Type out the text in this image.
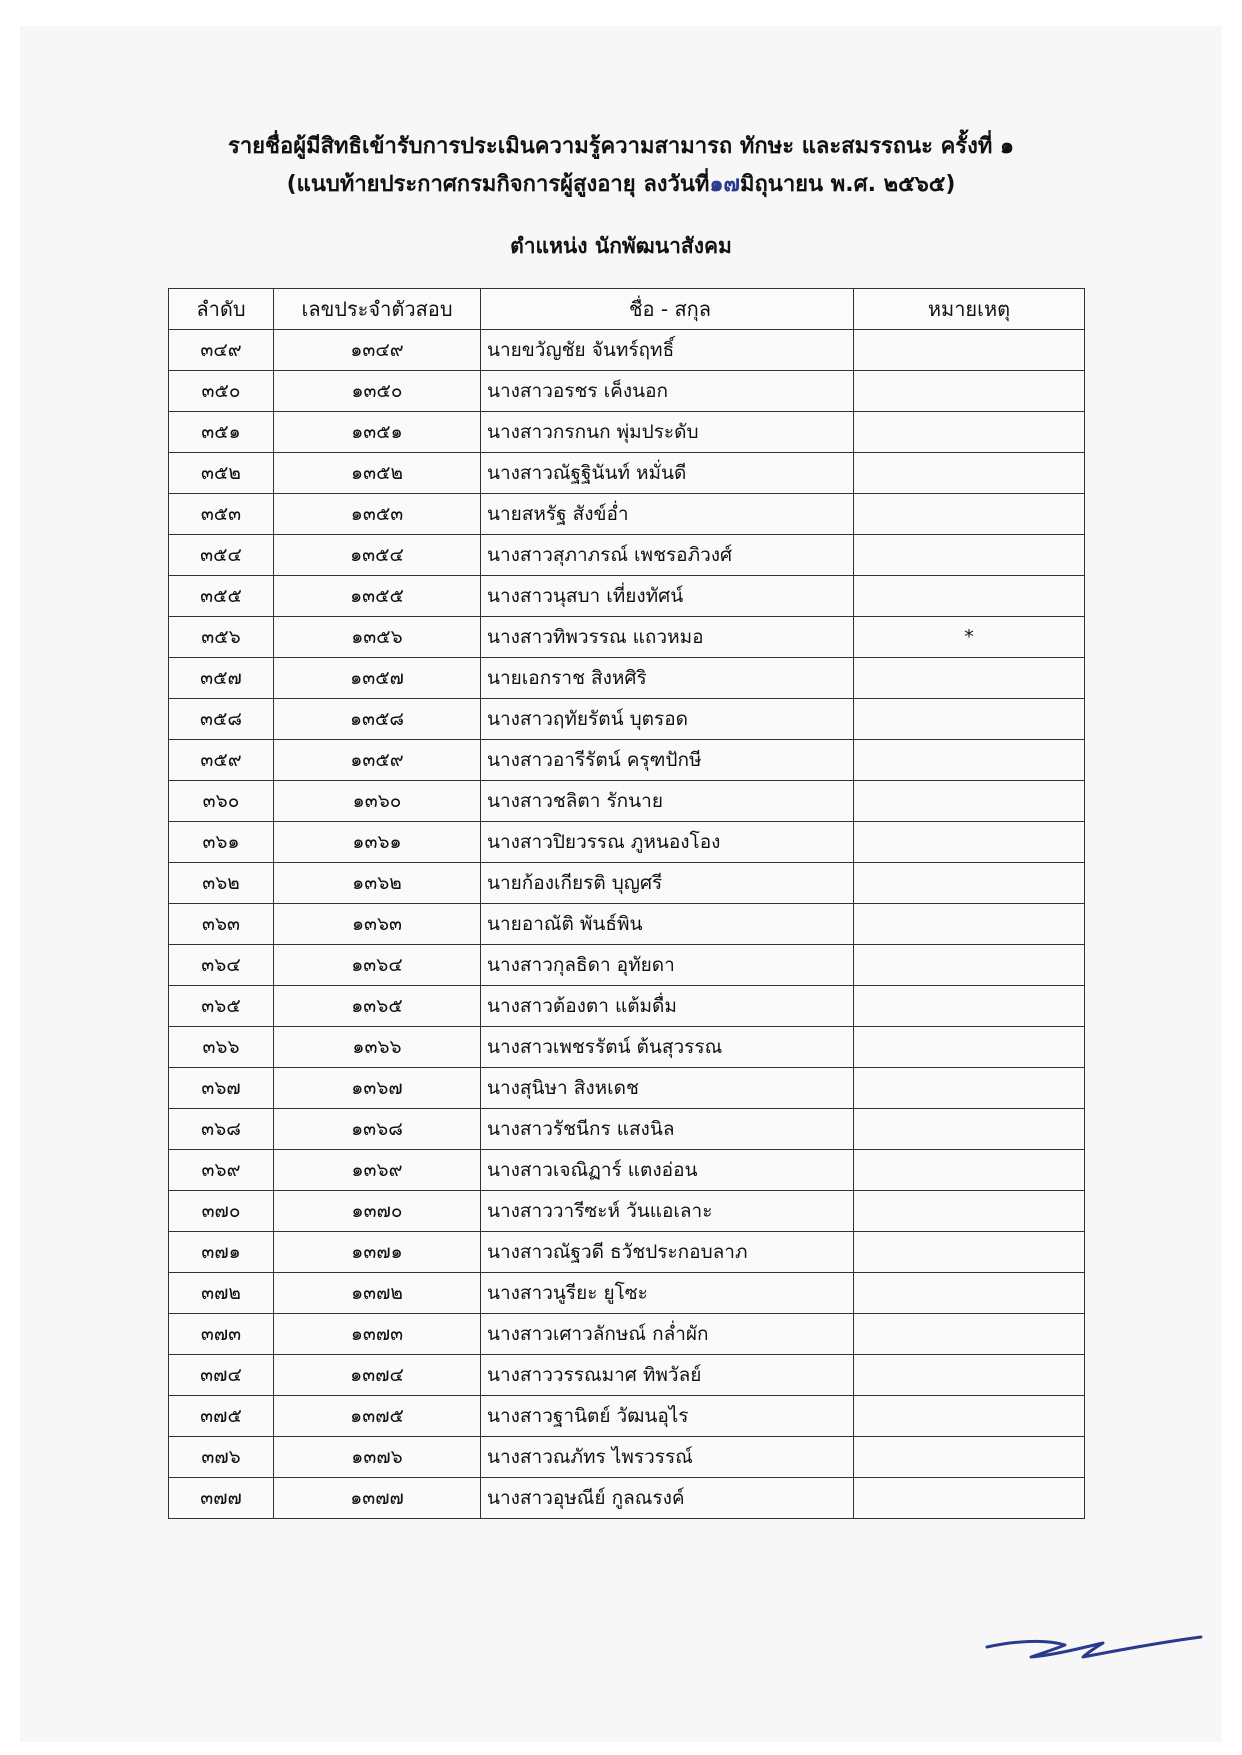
รายชื่อผู้มีสิทธิเข้ารับการประเมินความรู้ความสามารถ ทักษะ และสมรรถนะ ครั้งที่ ๑
(แนบท้ายประกาศกรมกิจการผู้สูงอายุ ลงวันที่๑๗มิถุนายน พ.ศ. ๒๕๖๕)
ตำแหน่ง นักพัฒนาสังคม
ลำดับ	เลขประจำตัวสอบ	ชื่อ - สกุล	หมายเหตุ
๓๔๙	๑๓๔๙	นายขวัญชัย จันทร์ฤทธิ์	
๓๕๐	๑๓๕๐	นางสาวอรชร เค็งนอก	
๓๕๑	๑๓๕๑	นางสาวกรกนก พุ่มประดับ	
๓๕๒	๑๓๕๒	นางสาวณัฐฐินันท์ หมั่นดี	
๓๕๓	๑๓๕๓	นายสหรัฐ สังข์อ่ำ	
๓๕๔	๑๓๕๔	นางสาวสุภาภรณ์ เพชรอภิวงศ์	
๓๕๕	๑๓๕๕	นางสาวนุสบา เที่ยงทัศน์	
๓๕๖	๑๓๕๖	นางสาวทิพวรรณ แถวหมอ	*
๓๕๗	๑๓๕๗	นายเอกราช สิงหศิริ	
๓๕๘	๑๓๕๘	นางสาวฤทัยรัตน์ บุตรอด	
๓๕๙	๑๓๕๙	นางสาวอารีรัตน์ ครุฑปักษี	
๓๖๐	๑๓๖๐	นางสาวชลิตา รักนาย	
๓๖๑	๑๓๖๑	นางสาวปิยวรรณ ภูหนองโอง	
๓๖๒	๑๓๖๒	นายก้องเกียรติ บุญศรี	
๓๖๓	๑๓๖๓	นายอาณัติ พันธ์พิน	
๓๖๔	๑๓๖๔	นางสาวกุลธิดา อุทัยดา	
๓๖๕	๑๓๖๕	นางสาวต้องตา แต้มดื่ม	
๓๖๖	๑๓๖๖	นางสาวเพชรรัตน์ ต้นสุวรรณ	
๓๖๗	๑๓๖๗	นางสุนิษา สิงหเดช	
๓๖๘	๑๓๖๘	นางสาวรัชนีกร แสงนิล	
๓๖๙	๑๓๖๙	นางสาวเจณิฏาร์ แตงอ่อน	
๓๗๐	๑๓๗๐	นางสาววารีซะห์ วันแอเลาะ	
๓๗๑	๑๓๗๑	นางสาวณัฐวดี ธวัชประกอบลาภ	
๓๗๒	๑๓๗๒	นางสาวนูรียะ ยูโซะ	
๓๗๓	๑๓๗๓	นางสาวเศาวลักษณ์ กล่ำผัก	
๓๗๔	๑๓๗๔	นางสาววรรณมาศ ทิพวัลย์	
๓๗๕	๑๓๗๕	นางสาวฐานิตย์ วัฒนอุไร	
๓๗๖	๑๓๗๖	นางสาวณภัทร ไพรวรรณ์	
๓๗๗	๑๓๗๗	นางสาวอุษณีย์ กูลณรงค์	
